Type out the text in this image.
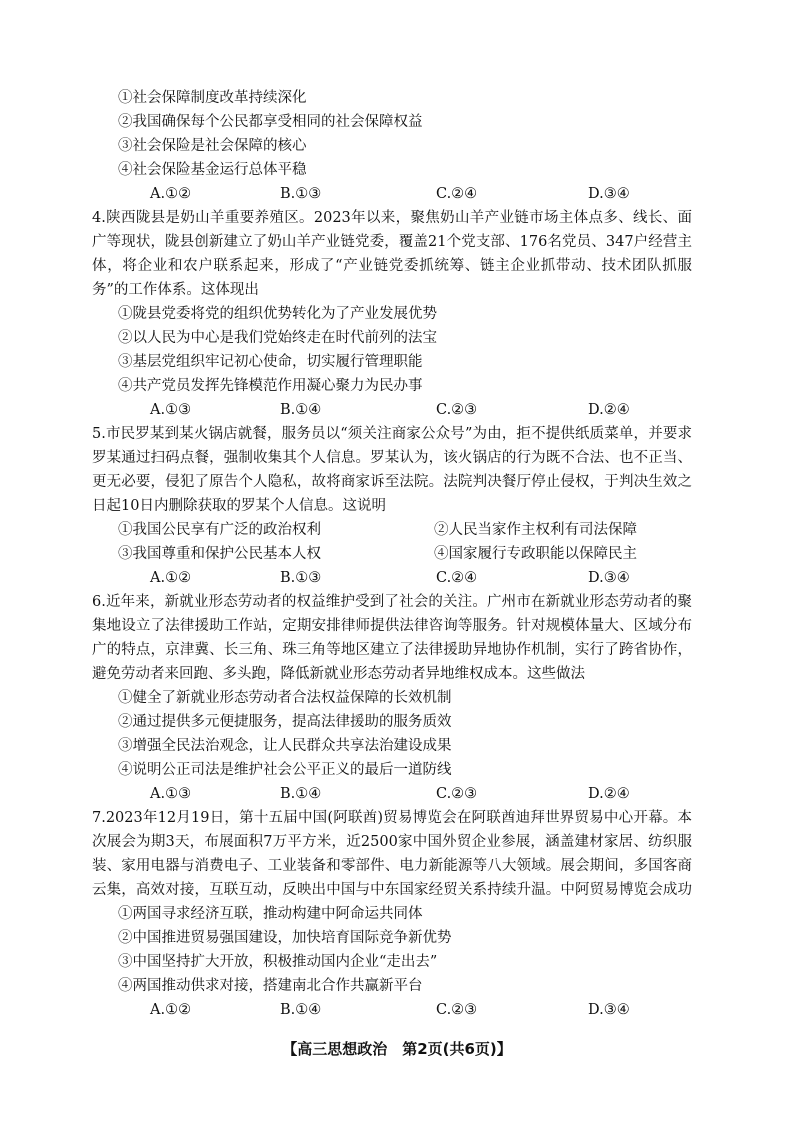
①社会保障制度改革持续深化
②我国确保每个公民都享受相同的社会保障权益
③社会保险是社会保障的核心
④社会保险基金运行总体平稳
A.①②	B.①③	C.②④	D.③④
4.陕西陇县是奶山羊重要养殖区。2023年以来，聚焦奶山羊产业链市场主体点多、线长、面广等现状，陇县创新建立了奶山羊产业链党委，覆盖21个党支部、176名党员、347户经营主体，将企业和农户联系起来，形成了“产业链党委抓统筹、链主企业抓带动、技术团队抓服务”的工作体系。这体现出
①陇县党委将党的组织优势转化为了产业发展优势
②以人民为中心是我们党始终走在时代前列的法宝
③基层党组织牢记初心使命，切实履行管理职能
④共产党员发挥先锋模范作用凝心聚力为民办事
A.①③	B.①④	C.②③	D.②④
5.市民罗某到某火锅店就餐，服务员以“须关注商家公众号”为由，拒不提供纸质菜单，并要求罗某通过扫码点餐，强制收集其个人信息。罗某认为，该火锅店的行为既不合法、也不正当、更无必要，侵犯了原告个人隐私，故将商家诉至法院。法院判决餐厅停止侵权，于判决生效之日起10日内删除获取的罗某个人信息。这说明
①我国公民享有广泛的政治权利	②人民当家作主权利有司法保障
③我国尊重和保护公民基本人权	④国家履行专政职能以保障民主
A.①②	B.①③	C.②④	D.③④
6.近年来，新就业形态劳动者的权益维护受到了社会的关注。广州市在新就业形态劳动者的聚集地设立了法律援助工作站，定期安排律师提供法律咨询等服务。针对规模体量大、区域分布广的特点，京津冀、长三角、珠三角等地区建立了法律援助异地协作机制，实行了跨省协作，避免劳动者来回跑、多头跑，降低新就业形态劳动者异地维权成本。这些做法
①健全了新就业形态劳动者合法权益保障的长效机制
②通过提供多元便捷服务，提高法律援助的服务质效
③增强全民法治观念，让人民群众共享法治建设成果
④说明公正司法是维护社会公平正义的最后一道防线
A.①③	B.①④	C.②③	D.②④
7.2023年12月19日，第十五届中国(阿联酋)贸易博览会在阿联酋迪拜世界贸易中心开幕。本次展会为期3天，布展面积7万平方米，近2500家中国外贸企业参展，涵盖建材家居、纺织服装、家用电器与消费电子、工业装备和零部件、电力新能源等八大领域。展会期间，多国客商云集，高效对接，互联互动，反映出中国与中东国家经贸关系持续升温。中阿贸易博览会成功
①两国寻求经济互联，推动构建中阿命运共同体
②中国推进贸易强国建设，加快培育国际竞争新优势
③中国坚持扩大开放，积极推动国内企业“走出去”
④两国推动供求对接，搭建南北合作共赢新平台
A.①②	B.①④	C.②③	D.③④
【高三思想政治　第2页(共6页)】
